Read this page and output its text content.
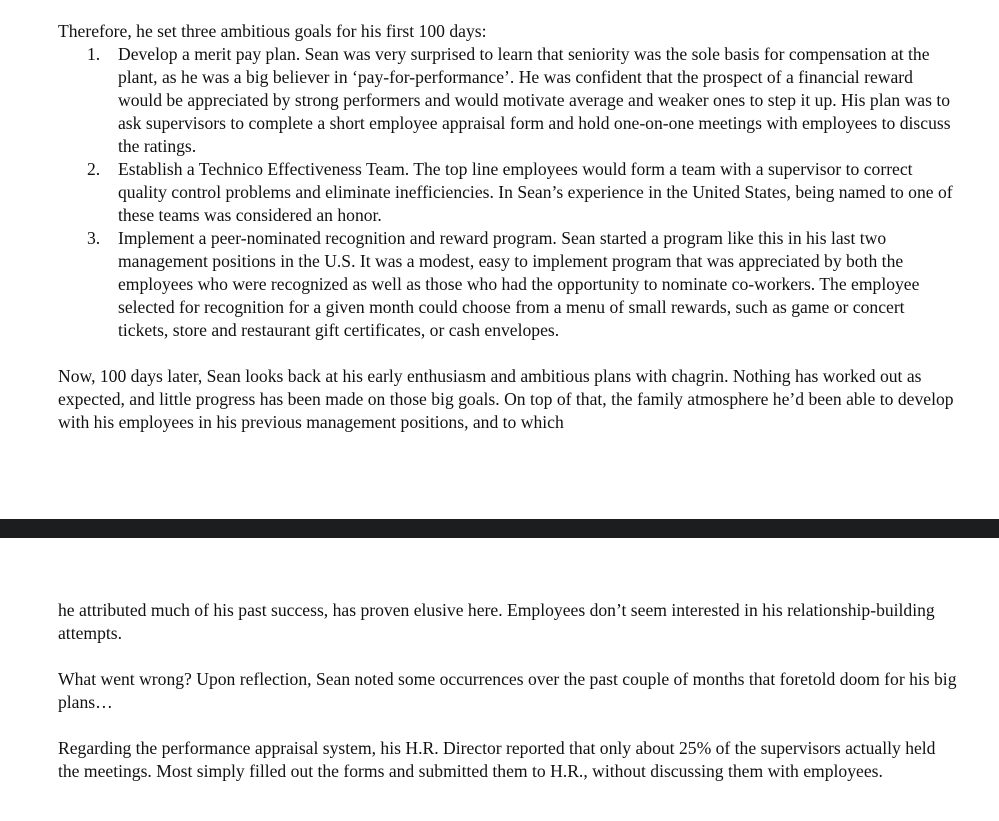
Therefore, he set three ambitious goals for his first 100 days:

1. Develop a merit pay plan. Sean was very surprised to learn that seniority was the sole basis for compensation at the plant, as he was a big believer in ‘pay-for-performance’. He was confident that the prospect of a financial reward would be appreciated by strong performers and would motivate average and weaker ones to step it up. His plan was to ask supervisors to complete a short employee appraisal form and hold one-on-one meetings with employees to discuss the ratings.
2. Establish a Technico Effectiveness Team. The top line employees would form a team with a supervisor to correct quality control problems and eliminate inefficiencies. In Sean’s experience in the United States, being named to one of these teams was considered an honor.
3. Implement a peer-nominated recognition and reward program. Sean started a program like this in his last two management positions in the U.S. It was a modest, easy to implement program that was appreciated by both the employees who were recognized as well as those who had the opportunity to nominate co-workers. The employee selected for recognition for a given month could choose from a menu of small rewards, such as game or concert tickets, store and restaurant gift certificates, or cash envelopes.

Now, 100 days later, Sean looks back at his early enthusiasm and ambitious plans with chagrin. Nothing has worked out as expected, and little progress has been made on those big goals. On top of that, the family atmosphere he’d been able to develop with his employees in his previous management positions, and to which

he attributed much of his past success, has proven elusive here. Employees don’t seem interested in his relationship-building attempts.

What went wrong? Upon reflection, Sean noted some occurrences over the past couple of months that foretold doom for his big plans…

Regarding the performance appraisal system, his H.R. Director reported that only about 25% of the supervisors actually held the meetings. Most simply filled out the forms and submitted them to H.R., without discussing them with employees.
